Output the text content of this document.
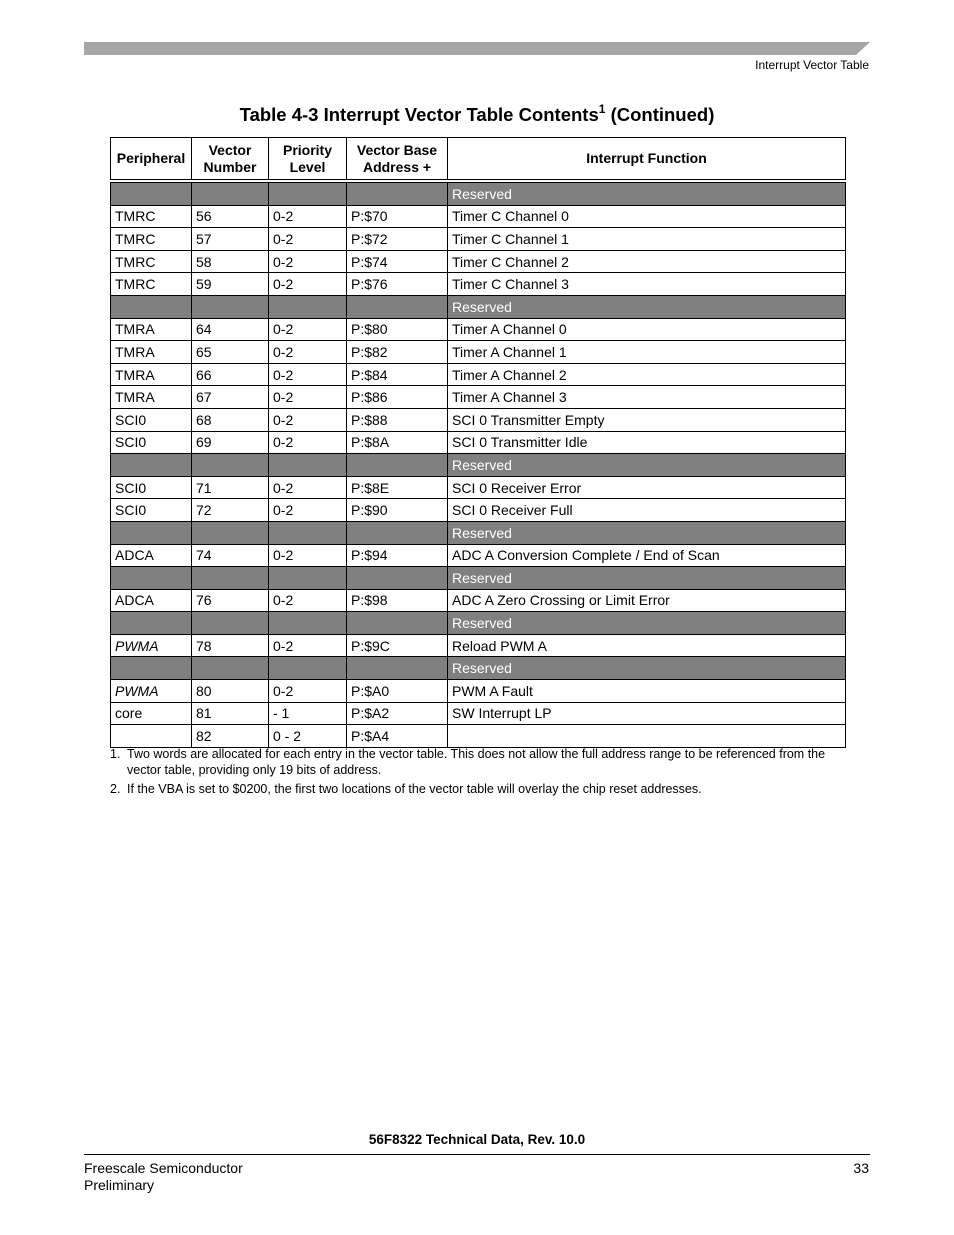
Interrupt Vector Table
Table 4-3 Interrupt Vector Table Contents$^1$ (Continued)
Peripheral	Vector Number	Priority Level	Vector Base Address +	Interrupt Function
				Reserved
TMRC	56	0-2	P:$70	Timer C Channel 0
TMRC	57	0-2	P:$72	Timer C Channel 1
TMRC	58	0-2	P:$74	Timer C Channel 2
TMRC	59	0-2	P:$76	Timer C Channel 3
				Reserved
TMRA	64	0-2	P:$80	Timer A Channel 0
TMRA	65	0-2	P:$82	Timer A Channel 1
TMRA	66	0-2	P:$84	Timer A Channel 2
TMRA	67	0-2	P:$86	Timer A Channel 3
SCI0	68	0-2	P:$88	SCI 0 Transmitter Empty
SCI0	69	0-2	P:$8A	SCI 0 Transmitter Idle
				Reserved
SCI0	71	0-2	P:$8E	SCI 0 Receiver Error
SCI0	72	0-2	P:$90	SCI 0 Receiver Full
				Reserved
ADCA	74	0-2	P:$94	ADC A Conversion Complete / End of Scan
				Reserved
ADCA	76	0-2	P:$98	ADC A Zero Crossing or Limit Error
				Reserved
PWMA	78	0-2	P:$9C	Reload PWM A
				Reserved
PWMA	80	0-2	P:$A0	PWM A Fault
core	81	- 1	P:$A2	SW Interrupt LP
	82	0 - 2	P:$A4	
1. Two words are allocated for each entry in the vector table. This does not allow the full address range to be referenced from the vector table, providing only 19 bits of address.
2. If the VBA is set to $0200, the first two locations of the vector table will overlay the chip reset addresses.
56F8322 Technical Data, Rev. 10.0
Freescale Semiconductor
Preliminary
33
